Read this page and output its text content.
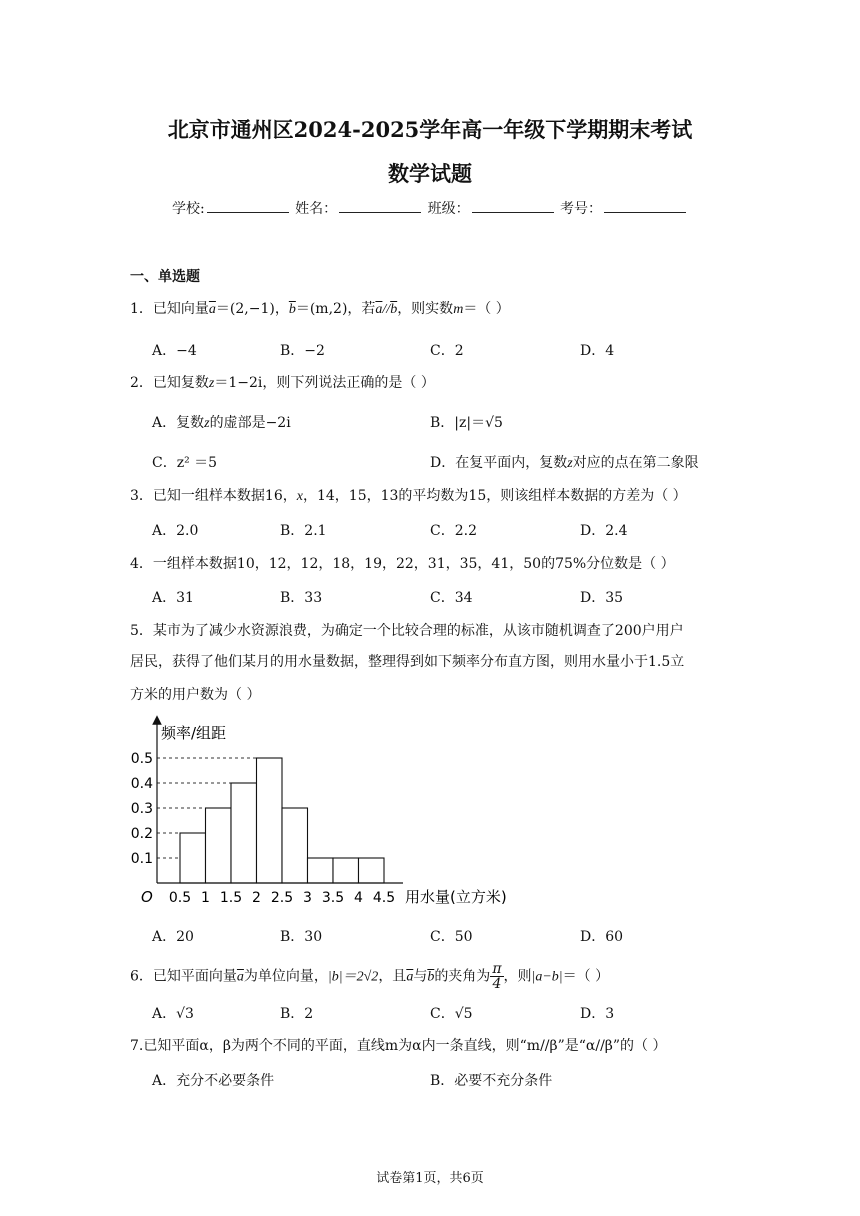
北京市通州区2024-2025学年高一年级下学期期末考试
数学试题
学校:	姓名：	班级：	考号：
一、单选题
1．已知向量$\overline{a}=(2,-1)$，$\overline{b}=(m,2)$，若$\overline{a}//\overline{b}$，则实数m＝（ ）
A．−4	B．−2	C．2	D．4
2．已知复数z＝1−2i，则下列说法正确的是（ ）
A．复数z的虚部是−2i	B．|z|＝√5
C．z² ＝5	D．在复平面内，复数z对应的点在第二象限
3．已知一组样本数据16，x，14，15，13的平均数为15，则该组样本数据的方差为（ ）
A．2.0	B．2.1	C．2.2	D．2.4
4．一组样本数据10，12，12，18，19，22，31，35，41，50的75%分位数是（ ）
A．31	B．33	C．34	D．35
5．某市为了减少水资源浪费，为确定一个比较合理的标准，从该市随机调查了200户用户
居民，获得了他们某月的用水量数据，整理得到如下频率分布直方图，则用水量小于1.5立
方米的用户数为（ ）
频率/组距
用水量(立方米)
O 0.5 1 1.5 2 2.5 3 3.5 4 4.5
0.1
0.2
0.3
0.4
0.5
A．20	B．30	C．50	D．60
6．已知平面向量$\overline{a}$为单位向量，|b|＝2√2，且$\overline{a}$与$\overline{b}$的夹角为 $\frac{\pi}{4}$ ，则|a−b|＝（ ）
A．√3	B．2	C．√5	D．3
7.已知平面α，β为两个不同的平面，直线m为α内一条直线，则“m//β”是“α//β”的（ ）
A．充分不必要条件	B．必要不充分条件
试卷第1页，共6页
